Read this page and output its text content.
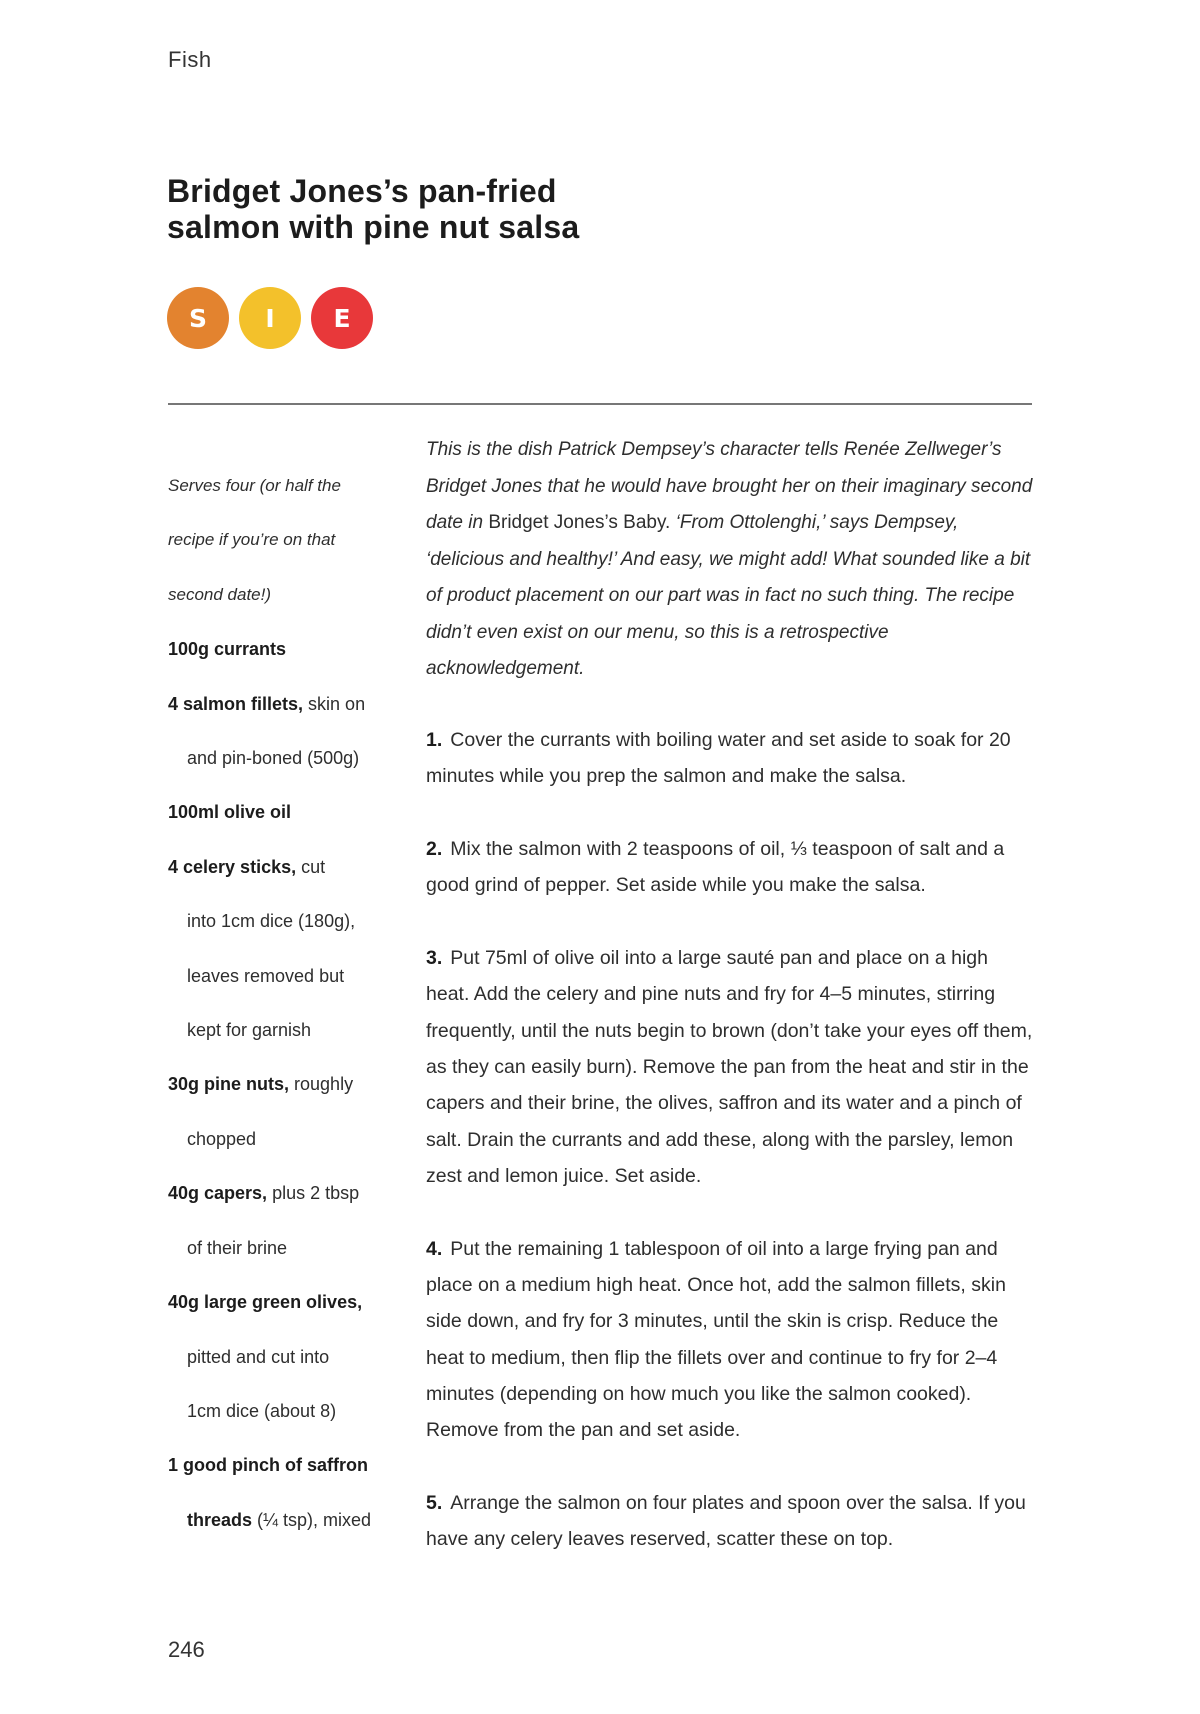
Fish
Bridget Jones’s pan-fried
salmon with pine nut salsa
S I E
Serves four (or half the
recipe if you’re on that
second date!)
100g currants
4 salmon fillets, skin on
and pin-boned (500g)
100ml olive oil
4 celery sticks, cut
into 1cm dice (180g),
leaves removed but
kept for garnish
30g pine nuts, roughly
chopped
40g capers, plus 2 tbsp
of their brine
40g large green olives,
pitted and cut into
1cm dice (about 8)
1 good pinch of saffron
threads (¼ tsp), mixed

This is the dish Patrick Dempsey’s character tells Renée Zellweger’s Bridget Jones that he would have brought her on their imaginary second date in Bridget Jones’s Baby. ‘From Ottolenghi,’ says Dempsey, ‘delicious and healthy!’ And easy, we might add! What sounded like a bit of product placement on our part was in fact no such thing. The recipe didn’t even exist on our menu, so this is a retrospective acknowledgement.

1. Cover the currants with boiling water and set aside to soak for 20 minutes while you prep the salmon and make the salsa.
2. Mix the salmon with 2 teaspoons of oil, ⅓ teaspoon of salt and a good grind of pepper. Set aside while you make the salsa.
3. Put 75ml of olive oil into a large sauté pan and place on a high heat. Add the celery and pine nuts and fry for 4–5 minutes, stirring frequently, until the nuts begin to brown (don’t take your eyes off them, as they can easily burn). Remove the pan from the heat and stir in the capers and their brine, the olives, saffron and its water and a pinch of salt. Drain the currants and add these, along with the parsley, lemon zest and lemon juice. Set aside.
4. Put the remaining 1 tablespoon of oil into a large frying pan and place on a medium high heat. Once hot, add the salmon fillets, skin side down, and fry for 3 minutes, until the skin is crisp. Reduce the heat to medium, then flip the fillets over and continue to fry for 2–4 minutes (depending on how much you like the salmon cooked). Remove from the pan and set aside.
5. Arrange the salmon on four plates and spoon over the salsa. If you have any celery leaves reserved, scatter these on top.
246
